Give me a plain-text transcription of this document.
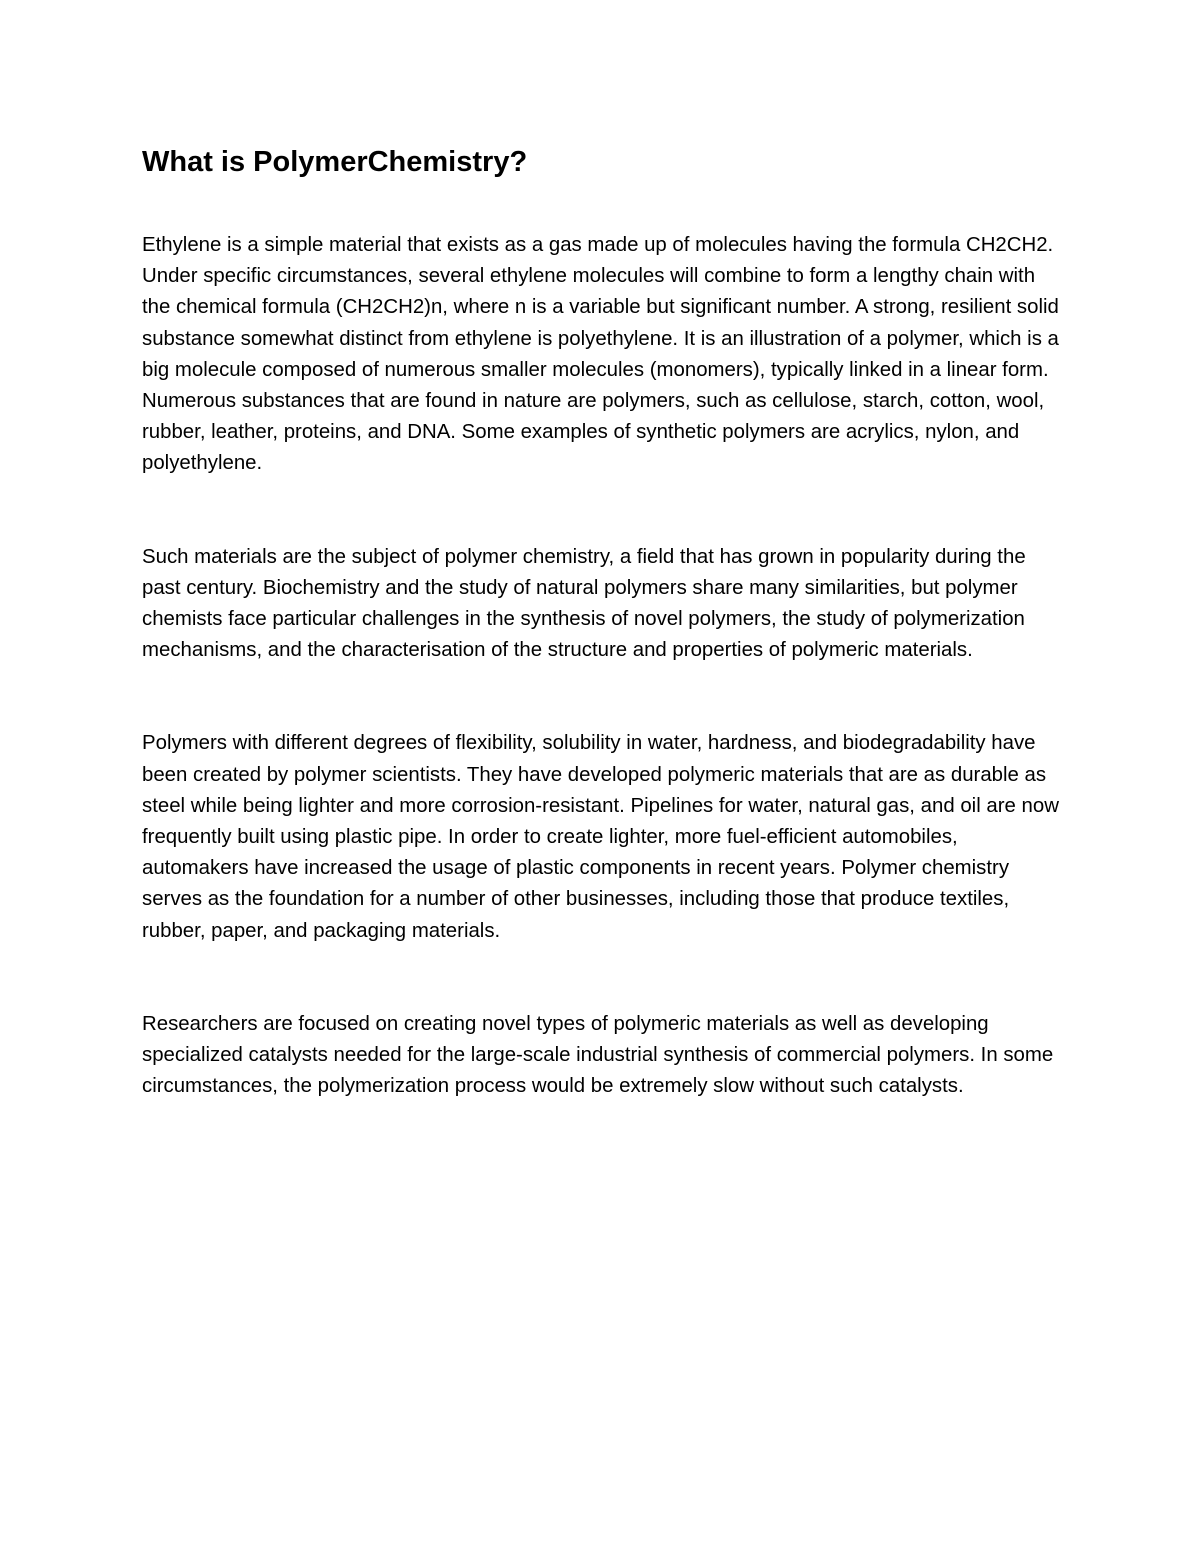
What is PolymerChemistry?

Ethylene is a simple material that exists as a gas made up of molecules having the formula CH2CH2. Under specific circumstances, several ethylene molecules will combine to form a lengthy chain with the chemical formula (CH2CH2)n, where n is a variable but significant number. A strong, resilient solid substance somewhat distinct from ethylene is polyethylene. It is an illustration of a polymer, which is a big molecule composed of numerous smaller molecules (monomers), typically linked in a linear form. Numerous substances that are found in nature are polymers, such as cellulose, starch, cotton, wool, rubber, leather, proteins, and DNA. Some examples of synthetic polymers are acrylics, nylon, and polyethylene.

Such materials are the subject of polymer chemistry, a field that has grown in popularity during the past century. Biochemistry and the study of natural polymers share many similarities, but polymer chemists face particular challenges in the synthesis of novel polymers, the study of polymerization mechanisms, and the characterisation of the structure and properties of polymeric materials.

Polymers with different degrees of flexibility, solubility in water, hardness, and biodegradability have been created by polymer scientists. They have developed polymeric materials that are as durable as steel while being lighter and more corrosion-resistant. Pipelines for water, natural gas, and oil are now frequently built using plastic pipe. In order to create lighter, more fuel-efficient automobiles, automakers have increased the usage of plastic components in recent years. Polymer chemistry serves as the foundation for a number of other businesses, including those that produce textiles, rubber, paper, and packaging materials.

Researchers are focused on creating novel types of polymeric materials as well as developing specialized catalysts needed for the large-scale industrial synthesis of commercial polymers. In some circumstances, the polymerization process would be extremely slow without such catalysts.
